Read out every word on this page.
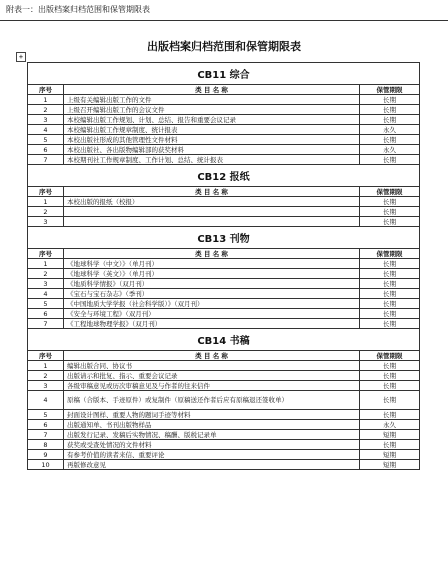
附表一：出版档案归档范围和保管期限表
出版档案归档范围和保管期限表
+
CB11 综合		
序号	类 目 名 称	保管期限
1	上级有关编辑出版工作的文件	长期
2	上级召开编辑出版工作的会议文件	长期
3	本校编辑出版工作规划、计划、总结、报告和重要会议记录	长期
4	本校编辑出版工作规章制度、统计报表	永久
5	本校出版社形成的其他管理性文件材料	长期
6	本校出版社、各出版物编辑部的获奖材料	永久
7	本校期刊社工作规章制度、工作计划、总结、统计报表	长期
CB12 报纸		
序号	类 目 名 称	保管期限
1	本校出版的报纸（校报）	长期
2		长期
3		长期
CB13 刊物		
序号	类 目 名 称	保管期限
1	《地球科学（中文）》（单月刊）	长期
2	《地球科学（英文）》（单月刊）	长期
3	《地质科学情报》（双月刊）	长期
4	《宝石与宝石杂志》（季刊）	长期
5	《中国地质大学学报（社会科学版）》（双月刊）	长期
6	《安全与环境工程》（双月刊）	长期
7	《工程地球物理学报》（双月刊）	长期
CB14 书稿		
序号	类 目 名 称	保管期限
1	编辑出版合同、协议书	长期
2	出版请示和批复、指示、重要会议记录	长期
3	各级审稿意见或历次审稿意见及与作者的往来信件	长期
4	原稿（合版本、手迹原件）或复制件（原稿送还作者后应有原稿退还签收单）	长期
5	封面设计图样、重要人物的题词手迹等材料	长期
6	出版通知单、书刊出版物样品	永久
7	出版发行记录、发稿后实物情况、稿酬、版税记录单	短期
8	获奖或受查处情况的文件材料	长期
9	有参考价值的读者来信、重要评论	短期
10	再版修改意见	短期
